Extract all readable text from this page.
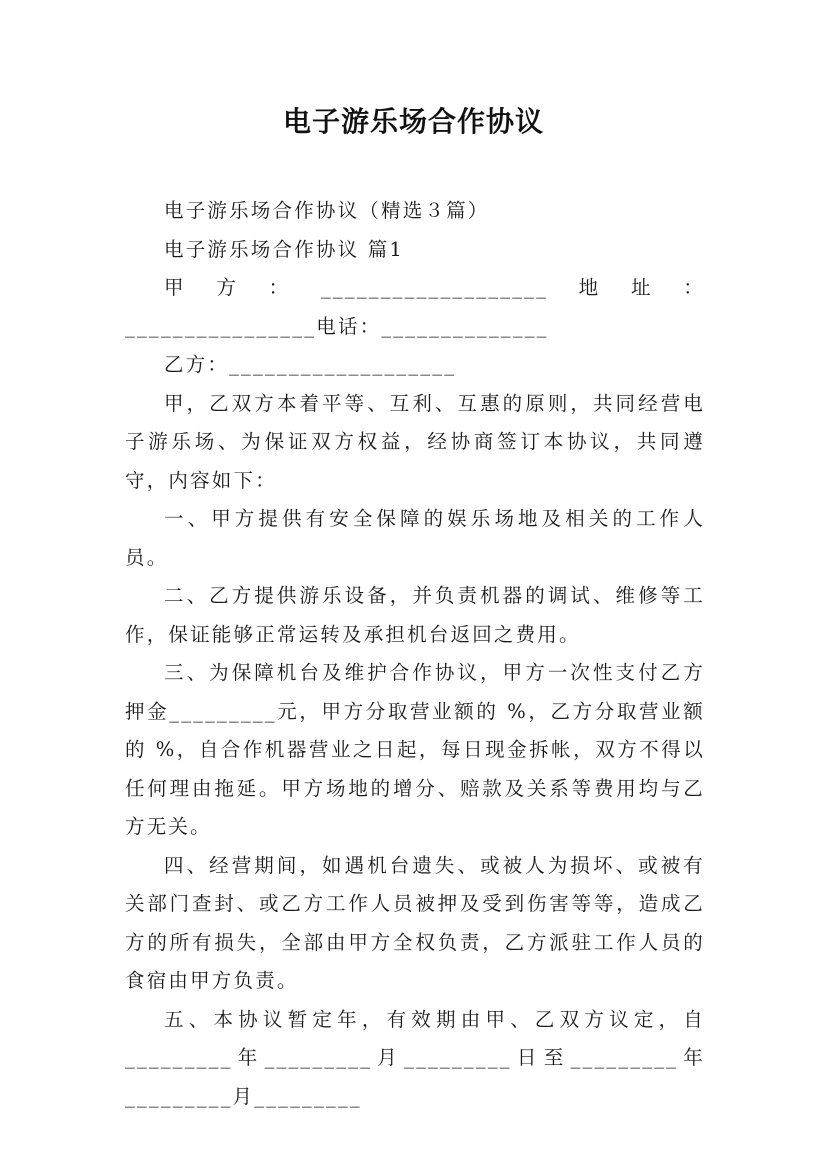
电子游乐场合作协议

电子游乐场合作协议（精选３篇）

电子游乐场合作协议 篇1

甲方：___________________地址：________________电话：______________

乙方：___________________

甲，乙双方本着平等、互利、互惠的原则，共同经营电子游乐场、为保证双方权益，经协商签订本协议，共同遵守，内容如下：

一、甲方提供有安全保障的娱乐场地及相关的工作人员。

二、乙方提供游乐设备，并负责机器的调试、维修等工作，保证能够正常运转及承担机台返回之费用。

三、为保障机台及维护合作协议，甲方一次性支付乙方押金_________元，甲方分取营业额的 %，乙方分取营业额的 %，自合作机器营业之日起，每日现金拆帐，双方不得以任何理由拖延。甲方场地的增分、赔款及关系等费用均与乙方无关。

四、经营期间，如遇机台遗失、或被人为损坏、或被有关部门查封、或乙方工作人员被押及受到伤害等等，造成乙方的所有损失，全部由甲方全权负责，乙方派驻工作人员的食宿由甲方负责。

五、本协议暂定年，有效期由甲、乙双方议定，自_________年_________月_________日至_________年_________月_________
